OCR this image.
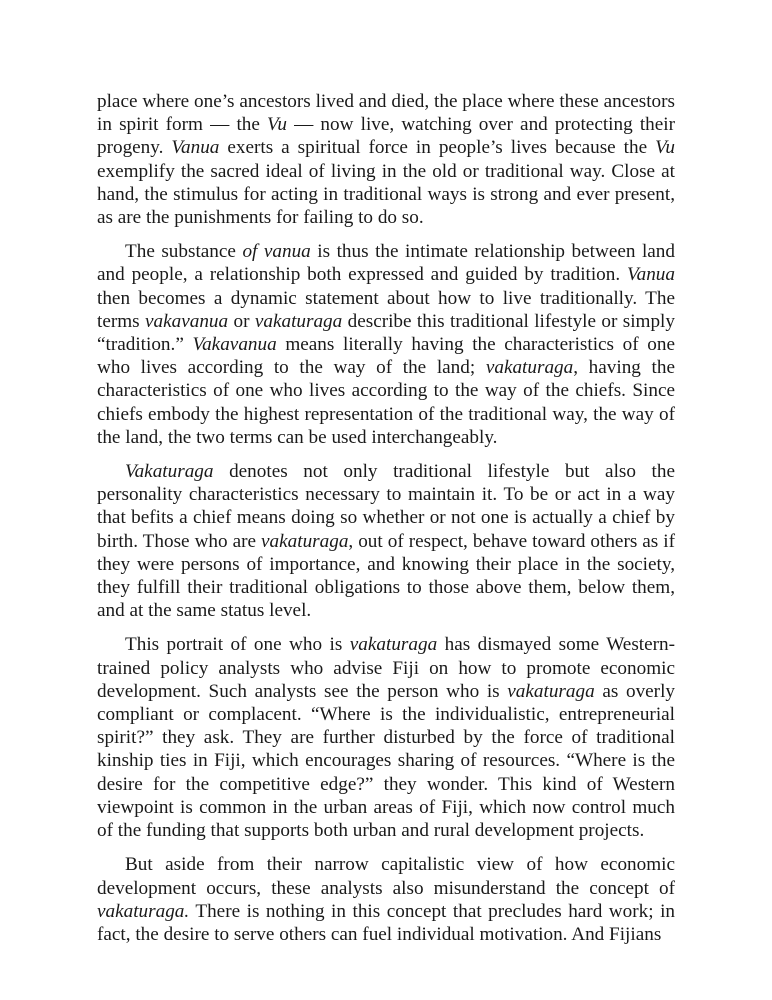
place where one’s ancestors lived and died, the place where these ancestors in spirit form — the Vu — now live, watching over and protecting their progeny. Vanua exerts a spiritual force in people’s lives because the Vu exemplify the sacred ideal of living in the old or traditional way. Close at hand, the stimulus for acting in traditional ways is strong and ever present, as are the punishments for failing to do so.

The substance of vanua is thus the intimate relationship between land and people, a relationship both expressed and guided by tradition. Vanua then becomes a dynamic statement about how to live traditionally. The terms vakavanua or vakaturaga describe this traditional lifestyle or simply “tradition.” Vakavanua means literally having the characteristics of one who lives according to the way of the land; vakaturaga, having the characteristics of one who lives according to the way of the chiefs. Since chiefs embody the highest representation of the traditional way, the way of the land, the two terms can be used interchangeably.

Vakaturaga denotes not only traditional lifestyle but also the personality characteristics necessary to maintain it. To be or act in a way that befits a chief means doing so whether or not one is actually a chief by birth. Those who are vakaturaga, out of respect, behave toward others as if they were persons of importance, and knowing their place in the society, they fulfill their traditional obligations to those above them, below them, and at the same status level.

This portrait of one who is vakaturaga has dismayed some Western-trained policy analysts who advise Fiji on how to promote economic development. Such analysts see the person who is vakaturaga as overly compliant or complacent. “Where is the individualistic, entrepreneurial spirit?” they ask. They are further disturbed by the force of traditional kinship ties in Fiji, which encourages sharing of resources. “Where is the desire for the competitive edge?” they wonder. This kind of Western viewpoint is common in the urban areas of Fiji, which now control much of the funding that supports both urban and rural development projects.

But aside from their narrow capitalistic view of how economic development occurs, these analysts also misunderstand the concept of vakaturaga. There is nothing in this concept that precludes hard work; in fact, the desire to serve others can fuel individual motivation. And Fijians
